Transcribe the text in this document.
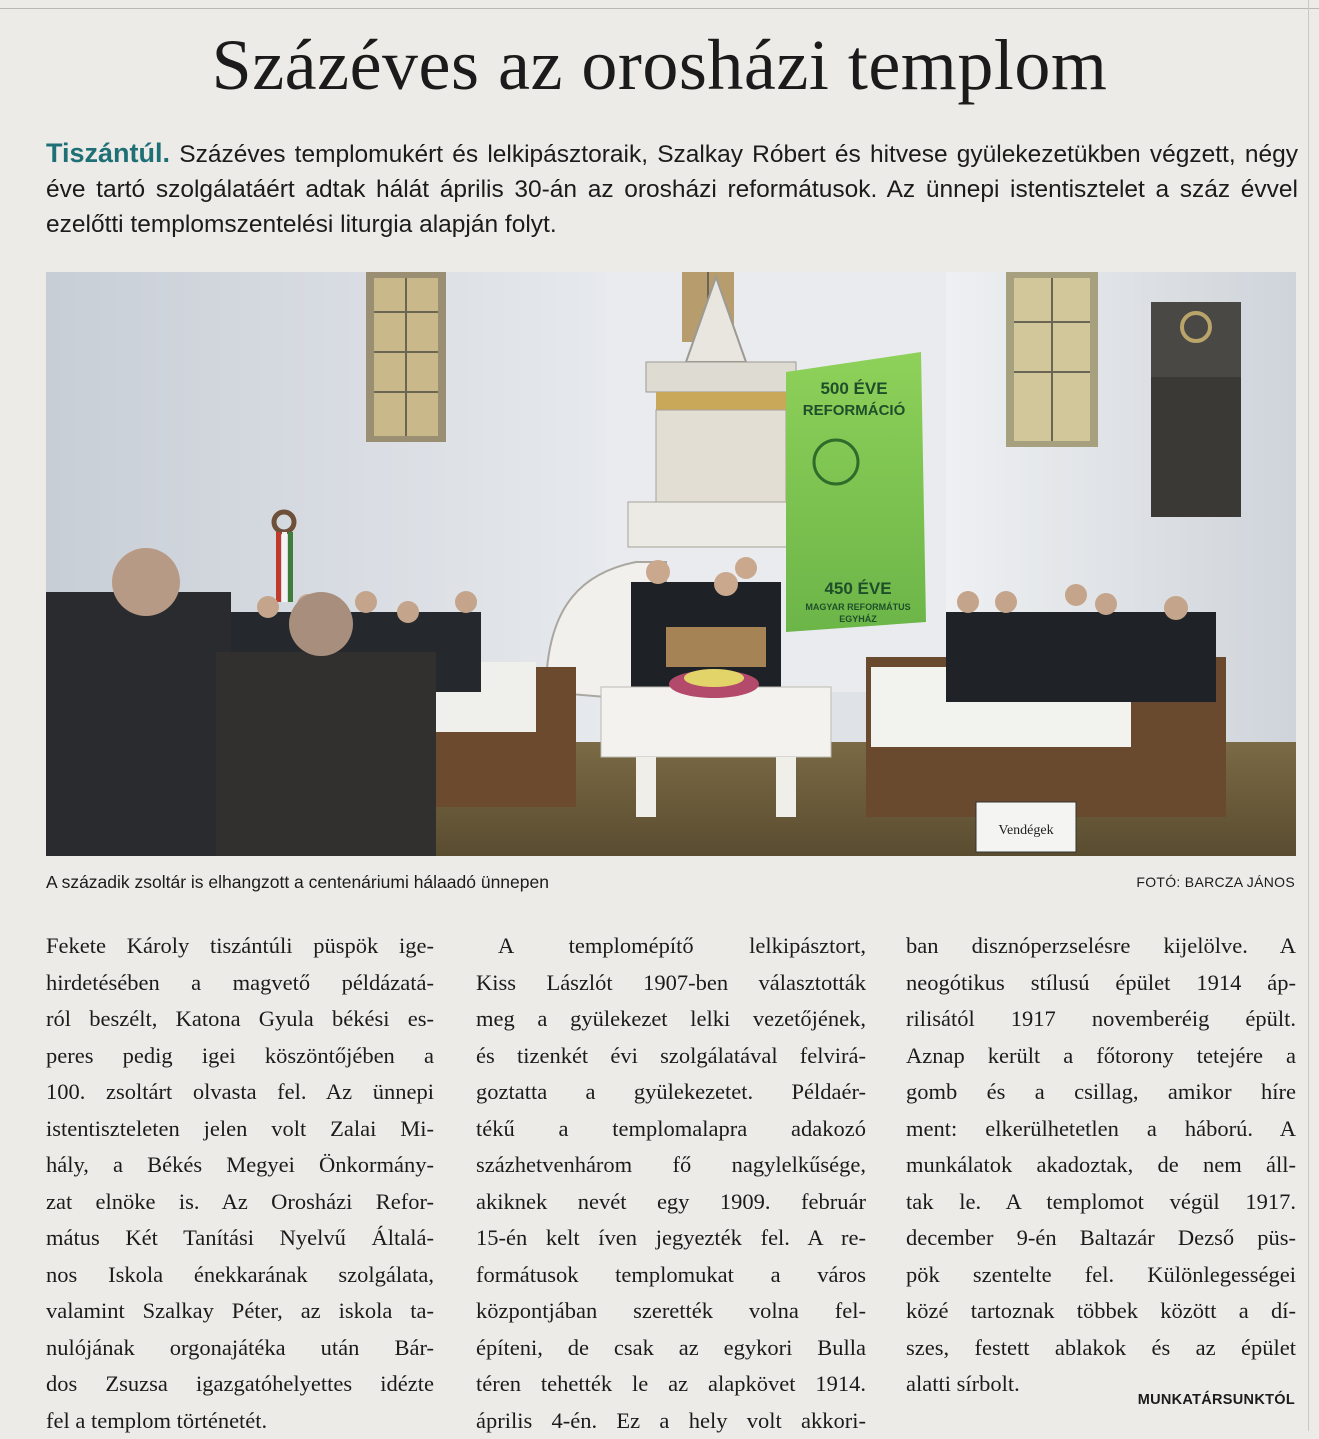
Százéves az orosházi templom

Tiszántúl. Százéves templomukért és lelkipásztoraik, Szalkay Róbert és hitvese gyülekezetükben végzett, négy éve tartó szolgálatáért adtak hálát április 30-án az orosházi reformátusok. Az ünnepi istentisztelet a száz évvel ezelőtti templomszentelési liturgia alapján folyt.

500 ÉVE
REFORMÁCIÓ
450 ÉVE
MAGYAR REFORMÁTUS
EGYHÁZ
Vendégek
A századik zsoltár is elhangzott a centenáriumi hálaadó ünnepen	FOTÓ: BARCZA JÁNOS
Fekete Károly tiszántúli püspök ige-
hirdetésében a magvető példázatá-
ról beszélt, Katona Gyula békési es-
peres pedig igei köszöntőjében a
100. zsoltárt olvasta fel. Az ünnepi
istentiszteleten jelen volt Zalai Mi-
hály, a Békés Megyei Önkormány-
zat elnöke is. Az Orosházi Refor-
mátus Két Tanítási Nyelvű Általá-
nos Iskola énekkarának szolgálata,
valamint Szalkay Péter, az iskola ta-
nulójának orgonajátéka után Bár-
dos Zsuzsa igazgatóhelyettes idézte
fel a templom történetét.
A templomépítő lelkipásztort,
Kiss Lászlót 1907-ben választották
meg a gyülekezet lelki vezetőjének,
és tizenkét évi szolgálatával felvirá-
goztatta a gyülekezetet. Példaér-
tékű a templomalapra adakozó
százhetvenhárom fő nagylelkűsége,
akiknek nevét egy 1909. február
15-én kelt íven jegyezték fel. A re-
formátusok templomukat a város
központjában szerették volna fel-
építeni, de csak az egykori Bulla
téren tehették le az alapkövet 1914.
április 4-én. Ez a hely volt akkori-
ban disznóperzselésre kijelölve. A
neogótikus stílusú épület 1914 áp-
rilisától 1917 novemberéig épült.
Aznap került a főtorony tetejére a
gomb és a csillag, amikor híre
ment: elkerülhetetlen a háború. A
munkálatok akadoztak, de nem áll-
tak le. A templomot végül 1917.
december 9-én Baltazár Dezső püs-
pök szentelte fel. Különlegességei
közé tartoznak többek között a dí-
szes, festett ablakok és az épület
alatti sírbolt.
MUNKATÁRSUNKTÓL
